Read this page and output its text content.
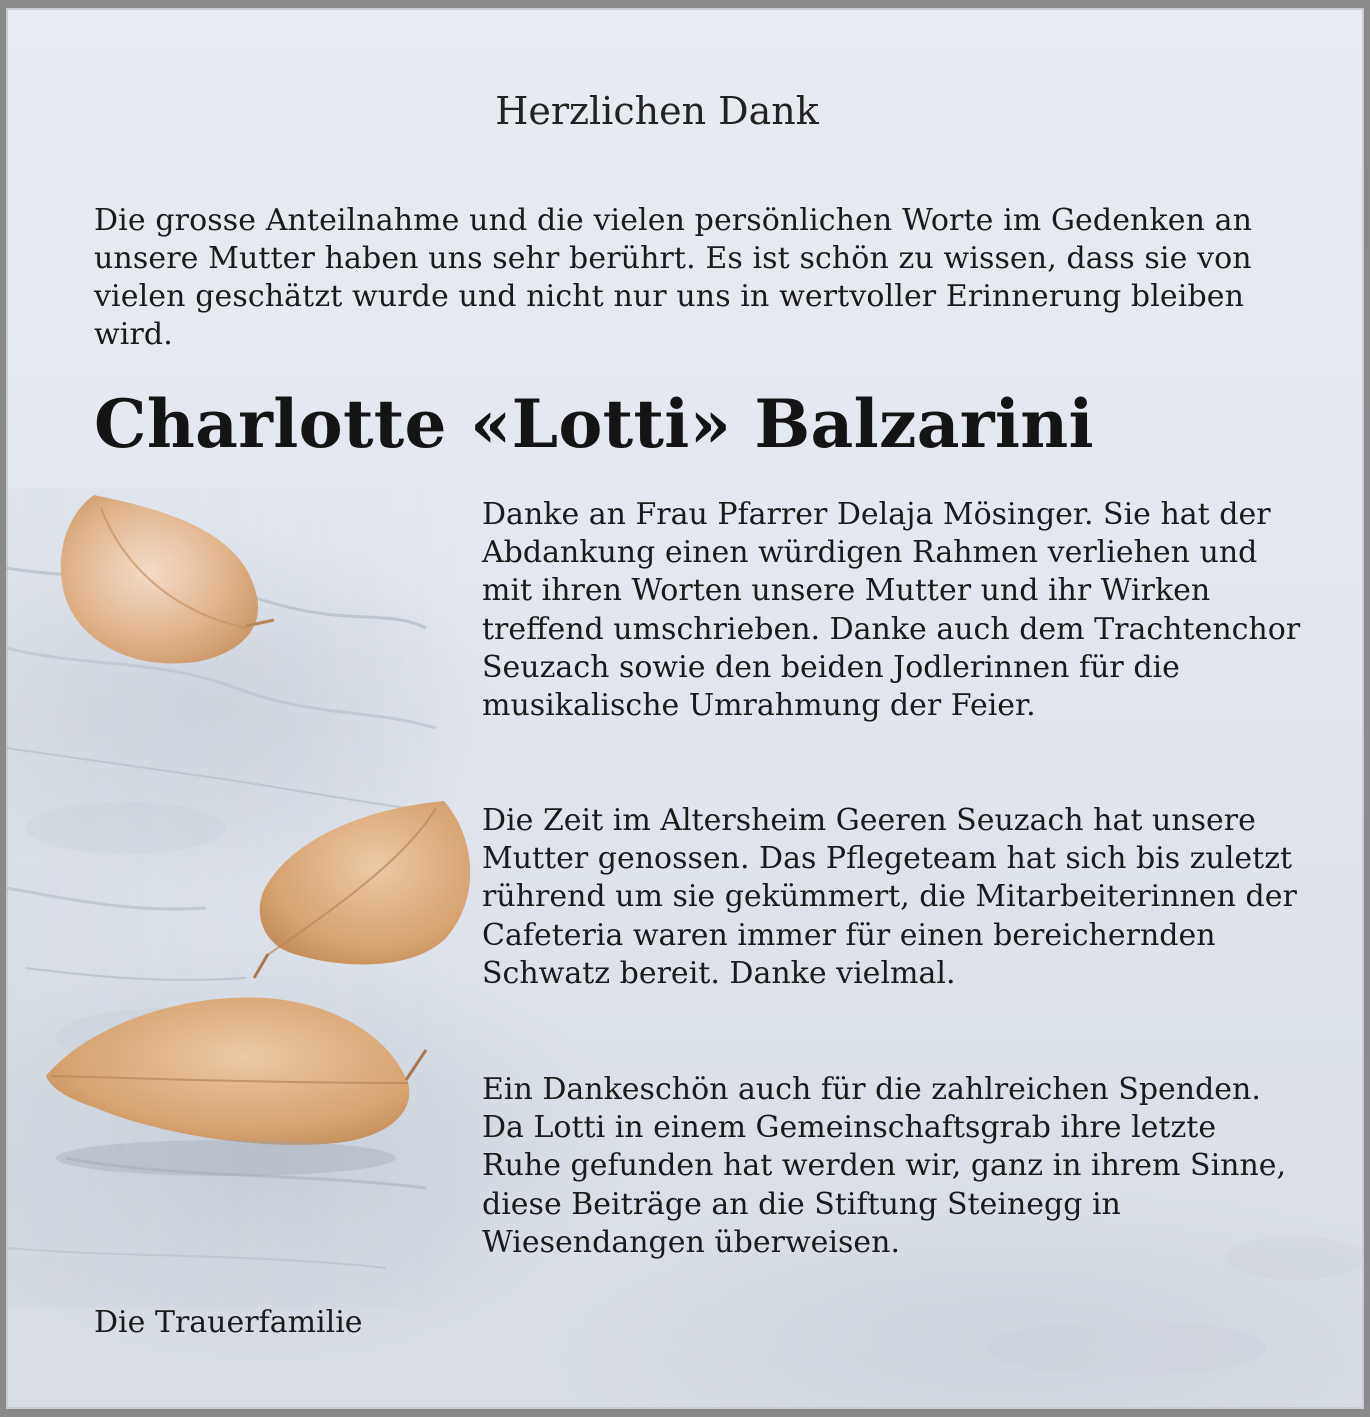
Herzlichen Dank
Die grosse Anteilnahme und die vielen persönlichen Worte im Gedenken an unsere Mutter haben uns sehr berührt. Es ist schön zu wissen, dass sie von vielen geschätzt wurde und nicht nur uns in wertvoller Erinnerung bleiben wird.
Charlotte «Lotti» Balzarini
Danke an Frau Pfarrer Delaja Mösinger. Sie hat der Abdankung einen würdigen Rahmen verliehen und mit ihren Worten unsere Mutter und ihr Wirken treffend umschrieben. Danke auch dem Trachtenchor Seuzach sowie den beiden Jodlerinnen für die musikalische Umrahmung der Feier.
Die Zeit im Altersheim Geeren Seuzach hat unsere Mutter genossen. Das Pflegeteam hat sich bis zuletzt rührend um sie gekümmert, die Mitarbeiterinnen der Cafeteria waren immer für einen bereichernden Schwatz bereit. Danke vielmal.
Ein Dankeschön auch für die zahlreichen Spenden. Da Lotti in einem Gemeinschaftsgrab ihre letzte Ruhe gefunden hat werden wir, ganz in ihrem Sinne, diese Beiträge an die Stiftung Steinegg in Wiesendangen überweisen.
Die Trauerfamilie
